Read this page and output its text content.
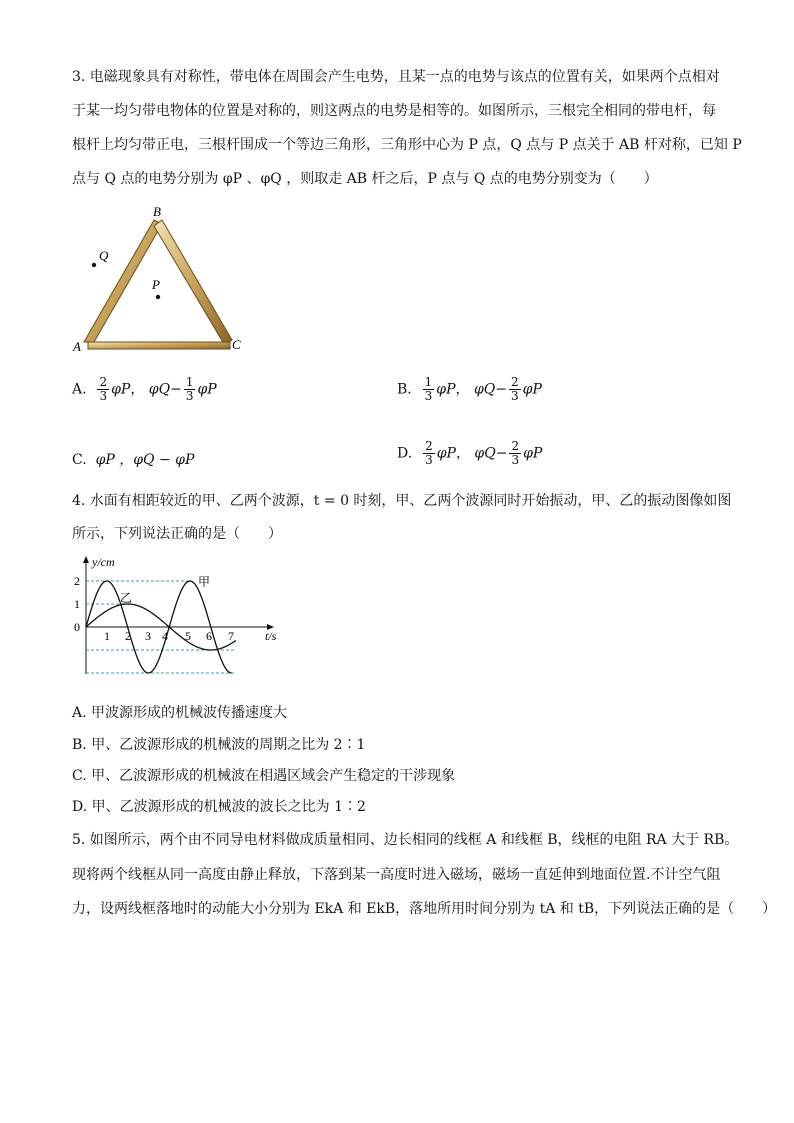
3. 电磁现象具有对称性，带电体在周围会产生电势，且某一点的电势与该点的位置有关，如果两个点相对
于某一均匀带电物体的位置是对称的，则这两点的电势是相等的。如图所示，三根完全相同的带电杆，每
根杆上均匀带正电，三根杆围成一个等边三角形，三角形中心为 P 点，Q 点与 P 点关于 AB 杆对称，已知 P
点与 Q 点的电势分别为 φP 、φQ ，则取走 AB 杆之后，P 点与 Q 点的电势分别变为（　　）
B
A	C
P
Q
A. $\frac{2}{3}$ φP， $\varphi Q- \frac{1}{3}$ φP	B. $\frac{1}{3}$ φP， $\varphi Q- \frac{2}{3}$ φP
C. φP ，φQ − φP	D. $\frac{2}{3}$ φP， $\varphi Q- \frac{2}{3}$ φP
4. 水面有相距较近的甲、乙两个波源，t = 0 时刻，甲、乙两个波源同时开始振动，甲、乙的振动图像如图
所示，下列说法正确的是（　　）
y/cm
t/s
0
2
1
1 2 3 4 5 6 7
甲
乙
A. 甲波源形成的机械波传播速度大
B. 甲、乙波源形成的机械波的周期之比为 2∶1
C. 甲、乙波源形成的机械波在相遇区域会产生稳定的干涉现象
D. 甲、乙波源形成的机械波的波长之比为 1∶2
5. 如图所示，两个由不同导电材料做成质量相同、边长相同的线框 A 和线框 B，线框的电阻 RA 大于 RB。
现将两个线框从同一高度由静止释放，下落到某一高度时进入磁场，磁场一直延伸到地面位置.不计空气阻
力，设两线框落地时的动能大小分别为 EkA 和 EkB，落地所用时间分别为 tA 和 tB，下列说法正确的是（　　）
